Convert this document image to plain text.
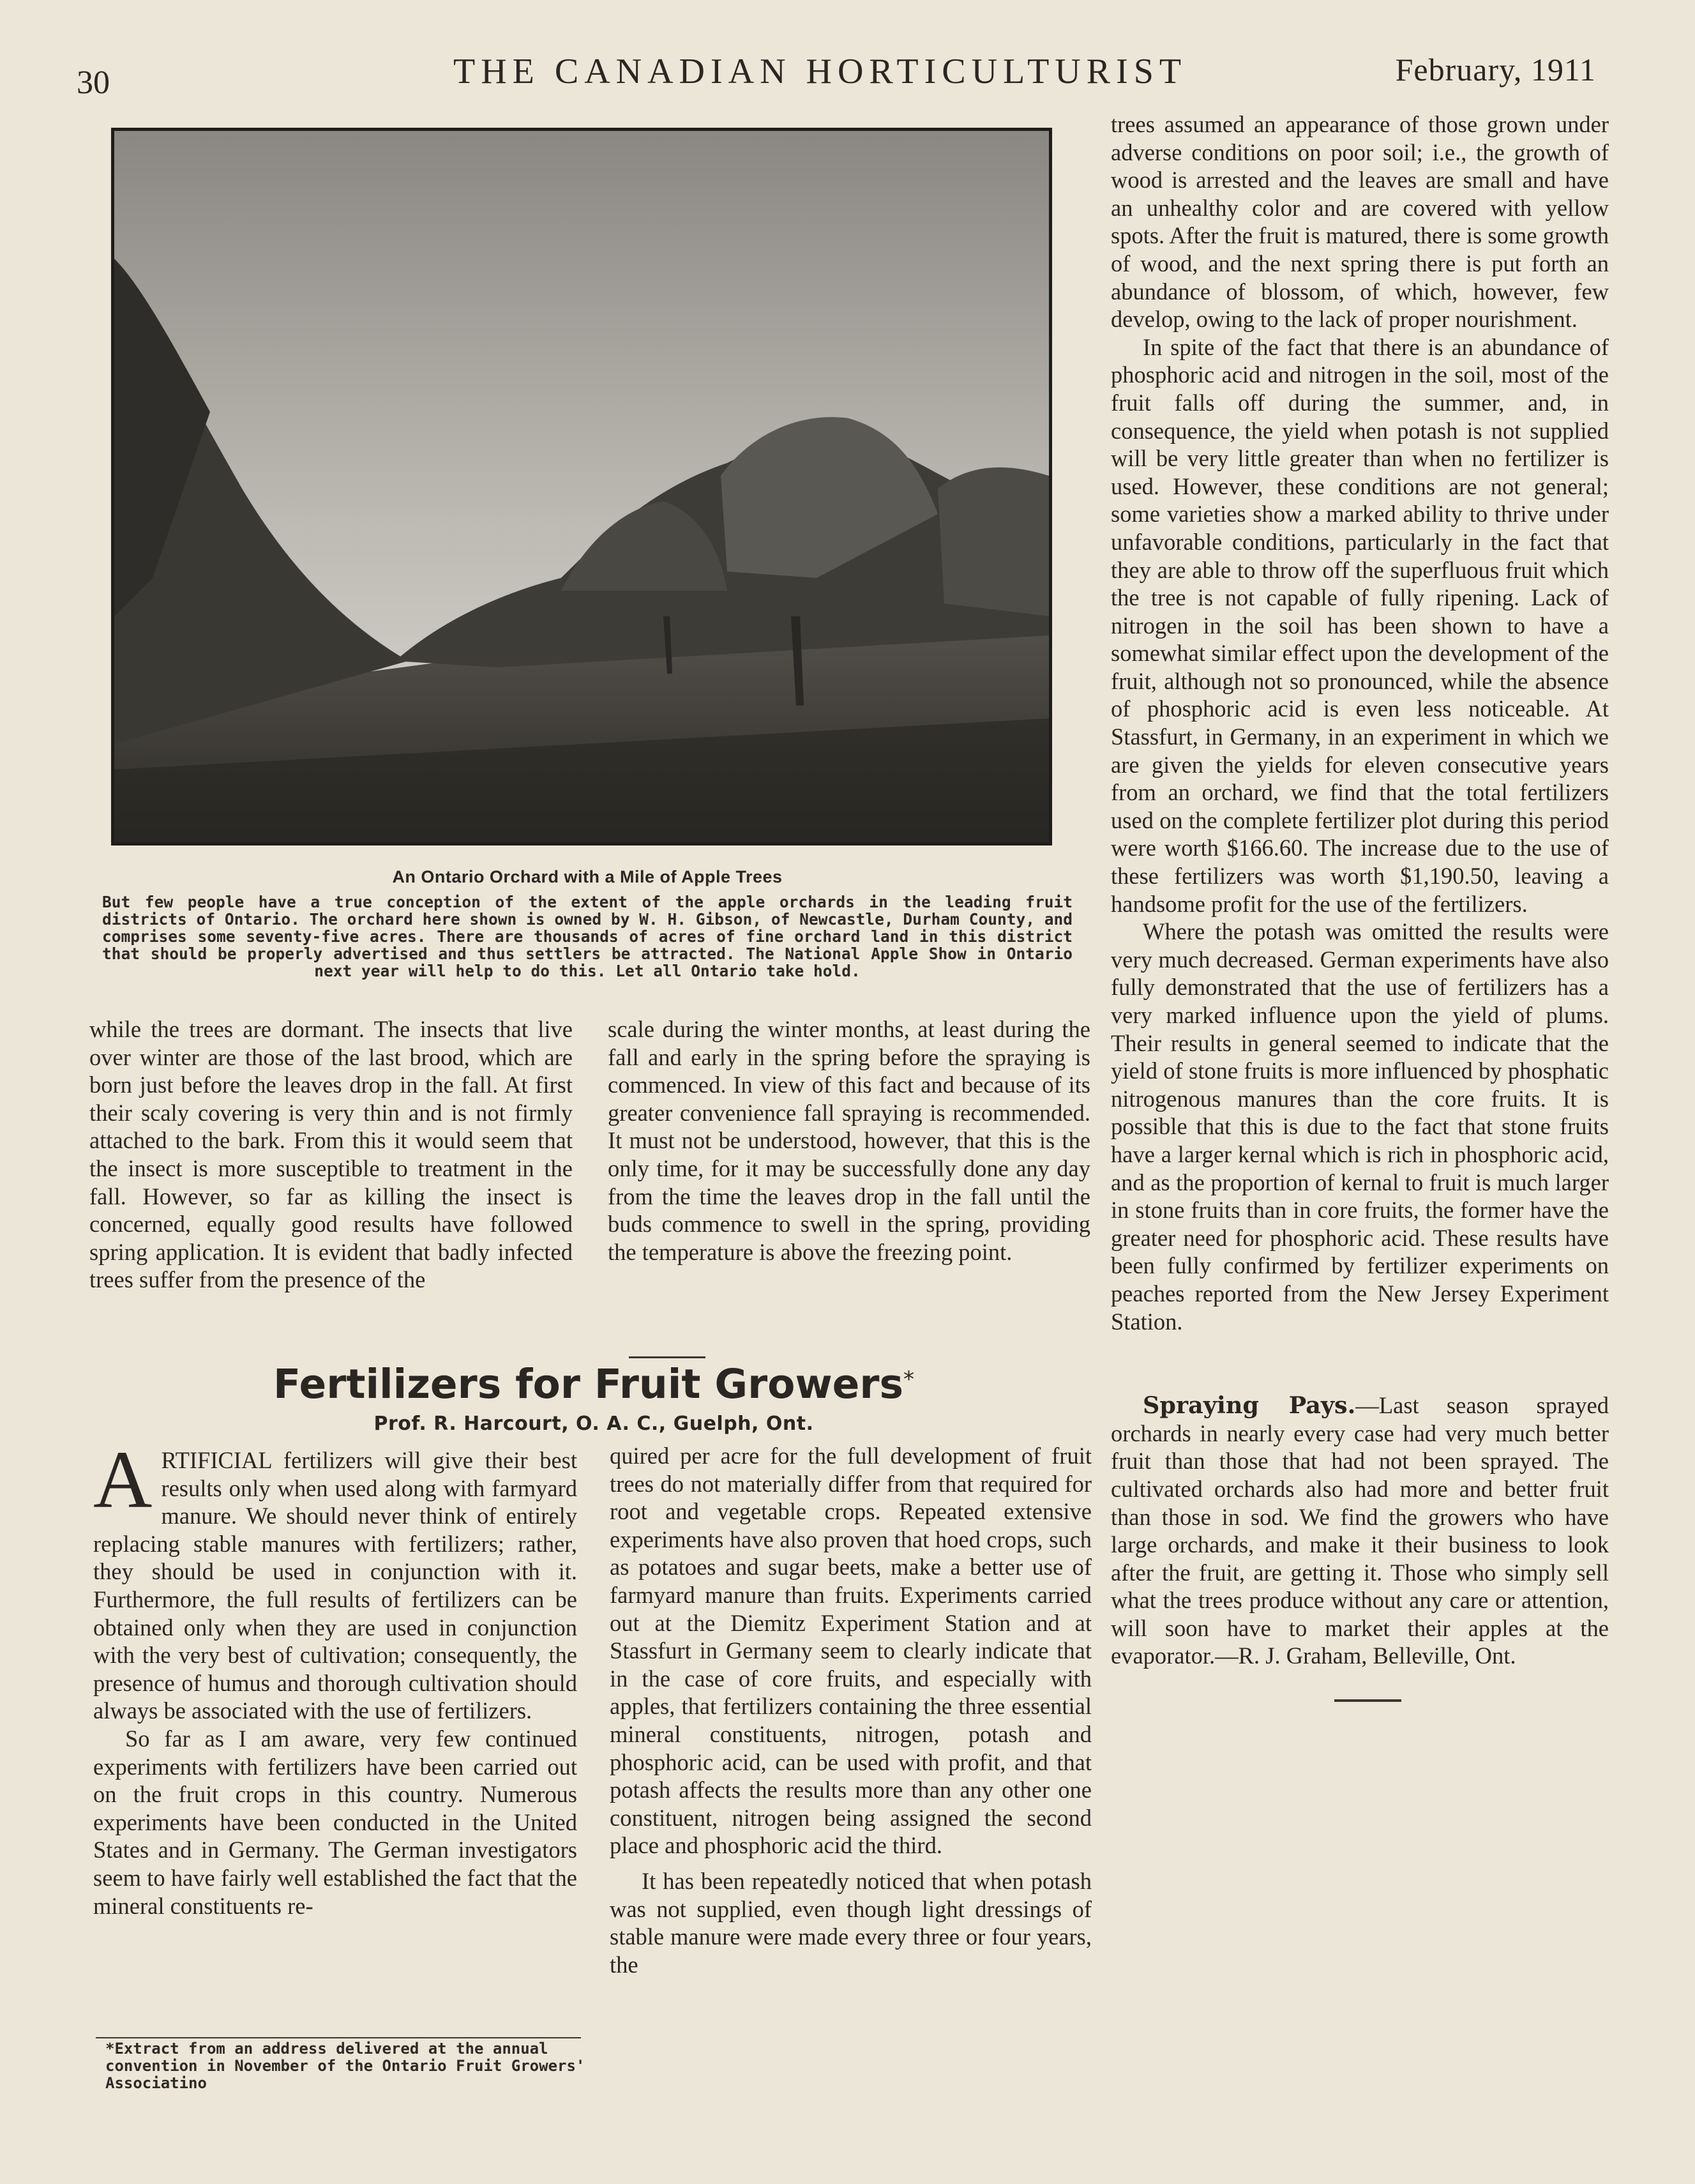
30	THE CANADIAN HORTICULTURIST	February, 1911
An Ontario Orchard with a Mile of Apple Trees
But few people have a true conception of the extent of the apple orchards in the leading fruit districts of Ontario. The orchard here shown is owned by W. H. Gibson, of Newcastle, Durham County, and comprises some seventy-five acres. There are thousands of acres of fine orchard land in this district that should be properly advertised and thus settlers be attracted. The National Apple Show in Ontario next year will help to do this. Let all Ontario take hold.

while the trees are dormant. The insects that live over winter are those of the last brood, which are born just before the leaves drop in the fall. At first their scaly covering is very thin and is not firmly attached to the bark. From this it would seem that the insect is more susceptible to treatment in the fall. However, so far as killing the insect is concerned, equally good results have followed spring application. It is evident that badly infected trees suffer from the presence of the

scale during the winter months, at least during the fall and early in the spring before the spraying is commenced. In view of this fact and because of its greater convenience fall spraying is recommended. It must not be understood, however, that this is the only time, for it may be successfully done any day from the time the leaves drop in the fall until the buds commence to swell in the spring, providing the temperature is above the freezing point.

Fertilizers for Fruit Growers*
Prof. R. Harcourt, O. A. C., Guelph, Ont.

ARTIFICIAL fertilizers will give their best results only when used along with farmyard manure. We should never think of entirely replacing stable manures with fertilizers; rather, they should be used in conjunction with it. Furthermore, the full results of fertilizers can be obtained only when they are used in conjunction with the very best of cultivation; consequently, the presence of humus and thorough cultivation should always be associated with the use of fertilizers.

So far as I am aware, very few continued experiments with fertilizers have been carried out on the fruit crops in this country. Numerous experiments have been conducted in the United States and in Germany. The German investigators seem to have fairly well established the fact that the mineral constituents re-

*Extract from an address delivered at the annual convention in November of the Ontario Fruit Growers' Associatino

quired per acre for the full development of fruit trees do not materially differ from that required for root and vegetable crops. Repeated extensive experiments have also proven that hoed crops, such as potatoes and sugar beets, make a better use of farmyard manure than fruits. Experiments carried out at the Diemitz Experiment Station and at Stassfurt in Germany seem to clearly indicate that in the case of core fruits, and especially with apples, that fertilizers containing the three essential mineral constituents, nitrogen, potash and phosphoric acid, can be used with profit, and that potash affects the results more than any other one constituent, nitrogen being assigned the second place and phosphoric acid the third.

It has been repeatedly noticed that when potash was not supplied, even though light dressings of stable manure were made every three or four years, the

trees assumed an appearance of those grown under adverse conditions on poor soil; i.e., the growth of wood is arrested and the leaves are small and have an unhealthy color and are covered with yellow spots. After the fruit is matured, there is some growth of wood, and the next spring there is put forth an abundance of blossom, of which, however, few develop, owing to the lack of proper nourishment.

In spite of the fact that there is an abundance of phosphoric acid and nitrogen in the soil, most of the fruit falls off during the summer, and, in consequence, the yield when potash is not supplied will be very little greater than when no fertilizer is used. However, these conditions are not general; some varieties show a marked ability to thrive under unfavorable conditions, particularly in the fact that they are able to throw off the superfluous fruit which the tree is not capable of fully ripening. Lack of nitrogen in the soil has been shown to have a somewhat similar effect upon the development of the fruit, although not so pronounced, while the absence of phosphoric acid is even less noticeable. At Stassfurt, in Germany, in an experiment in which we are given the yields for eleven consecutive years from an orchard, we find that the total fertilizers used on the complete fertilizer plot during this period were worth $166.60. The increase due to the use of these fertilizers was worth $1,190.50, leaving a handsome profit for the use of the fertilizers.

Where the potash was omitted the results were very much decreased. German experiments have also fully demonstrated that the use of fertilizers has a very marked influence upon the yield of plums. Their results in general seemed to indicate that the yield of stone fruits is more influenced by phosphatic nitrogenous manures than the core fruits. It is possible that this is due to the fact that stone fruits have a larger kernal which is rich in phosphoric acid, and as the proportion of kernal to fruit is much larger in stone fruits than in core fruits, the former have the greater need for phosphoric acid. These results have been fully confirmed by fertilizer experiments on peaches reported from the New Jersey Experiment Station.

Spraying Pays.—Last season sprayed orchards in nearly every case had very much better fruit than those that had not been sprayed. The cultivated orchards also had more and better fruit than those in sod. We find the growers who have large orchards, and make it their business to look after the fruit, are getting it. Those who simply sell what the trees produce without any care or attention, will soon have to market their apples at the evaporator.—R. J. Graham, Belleville, Ont.
